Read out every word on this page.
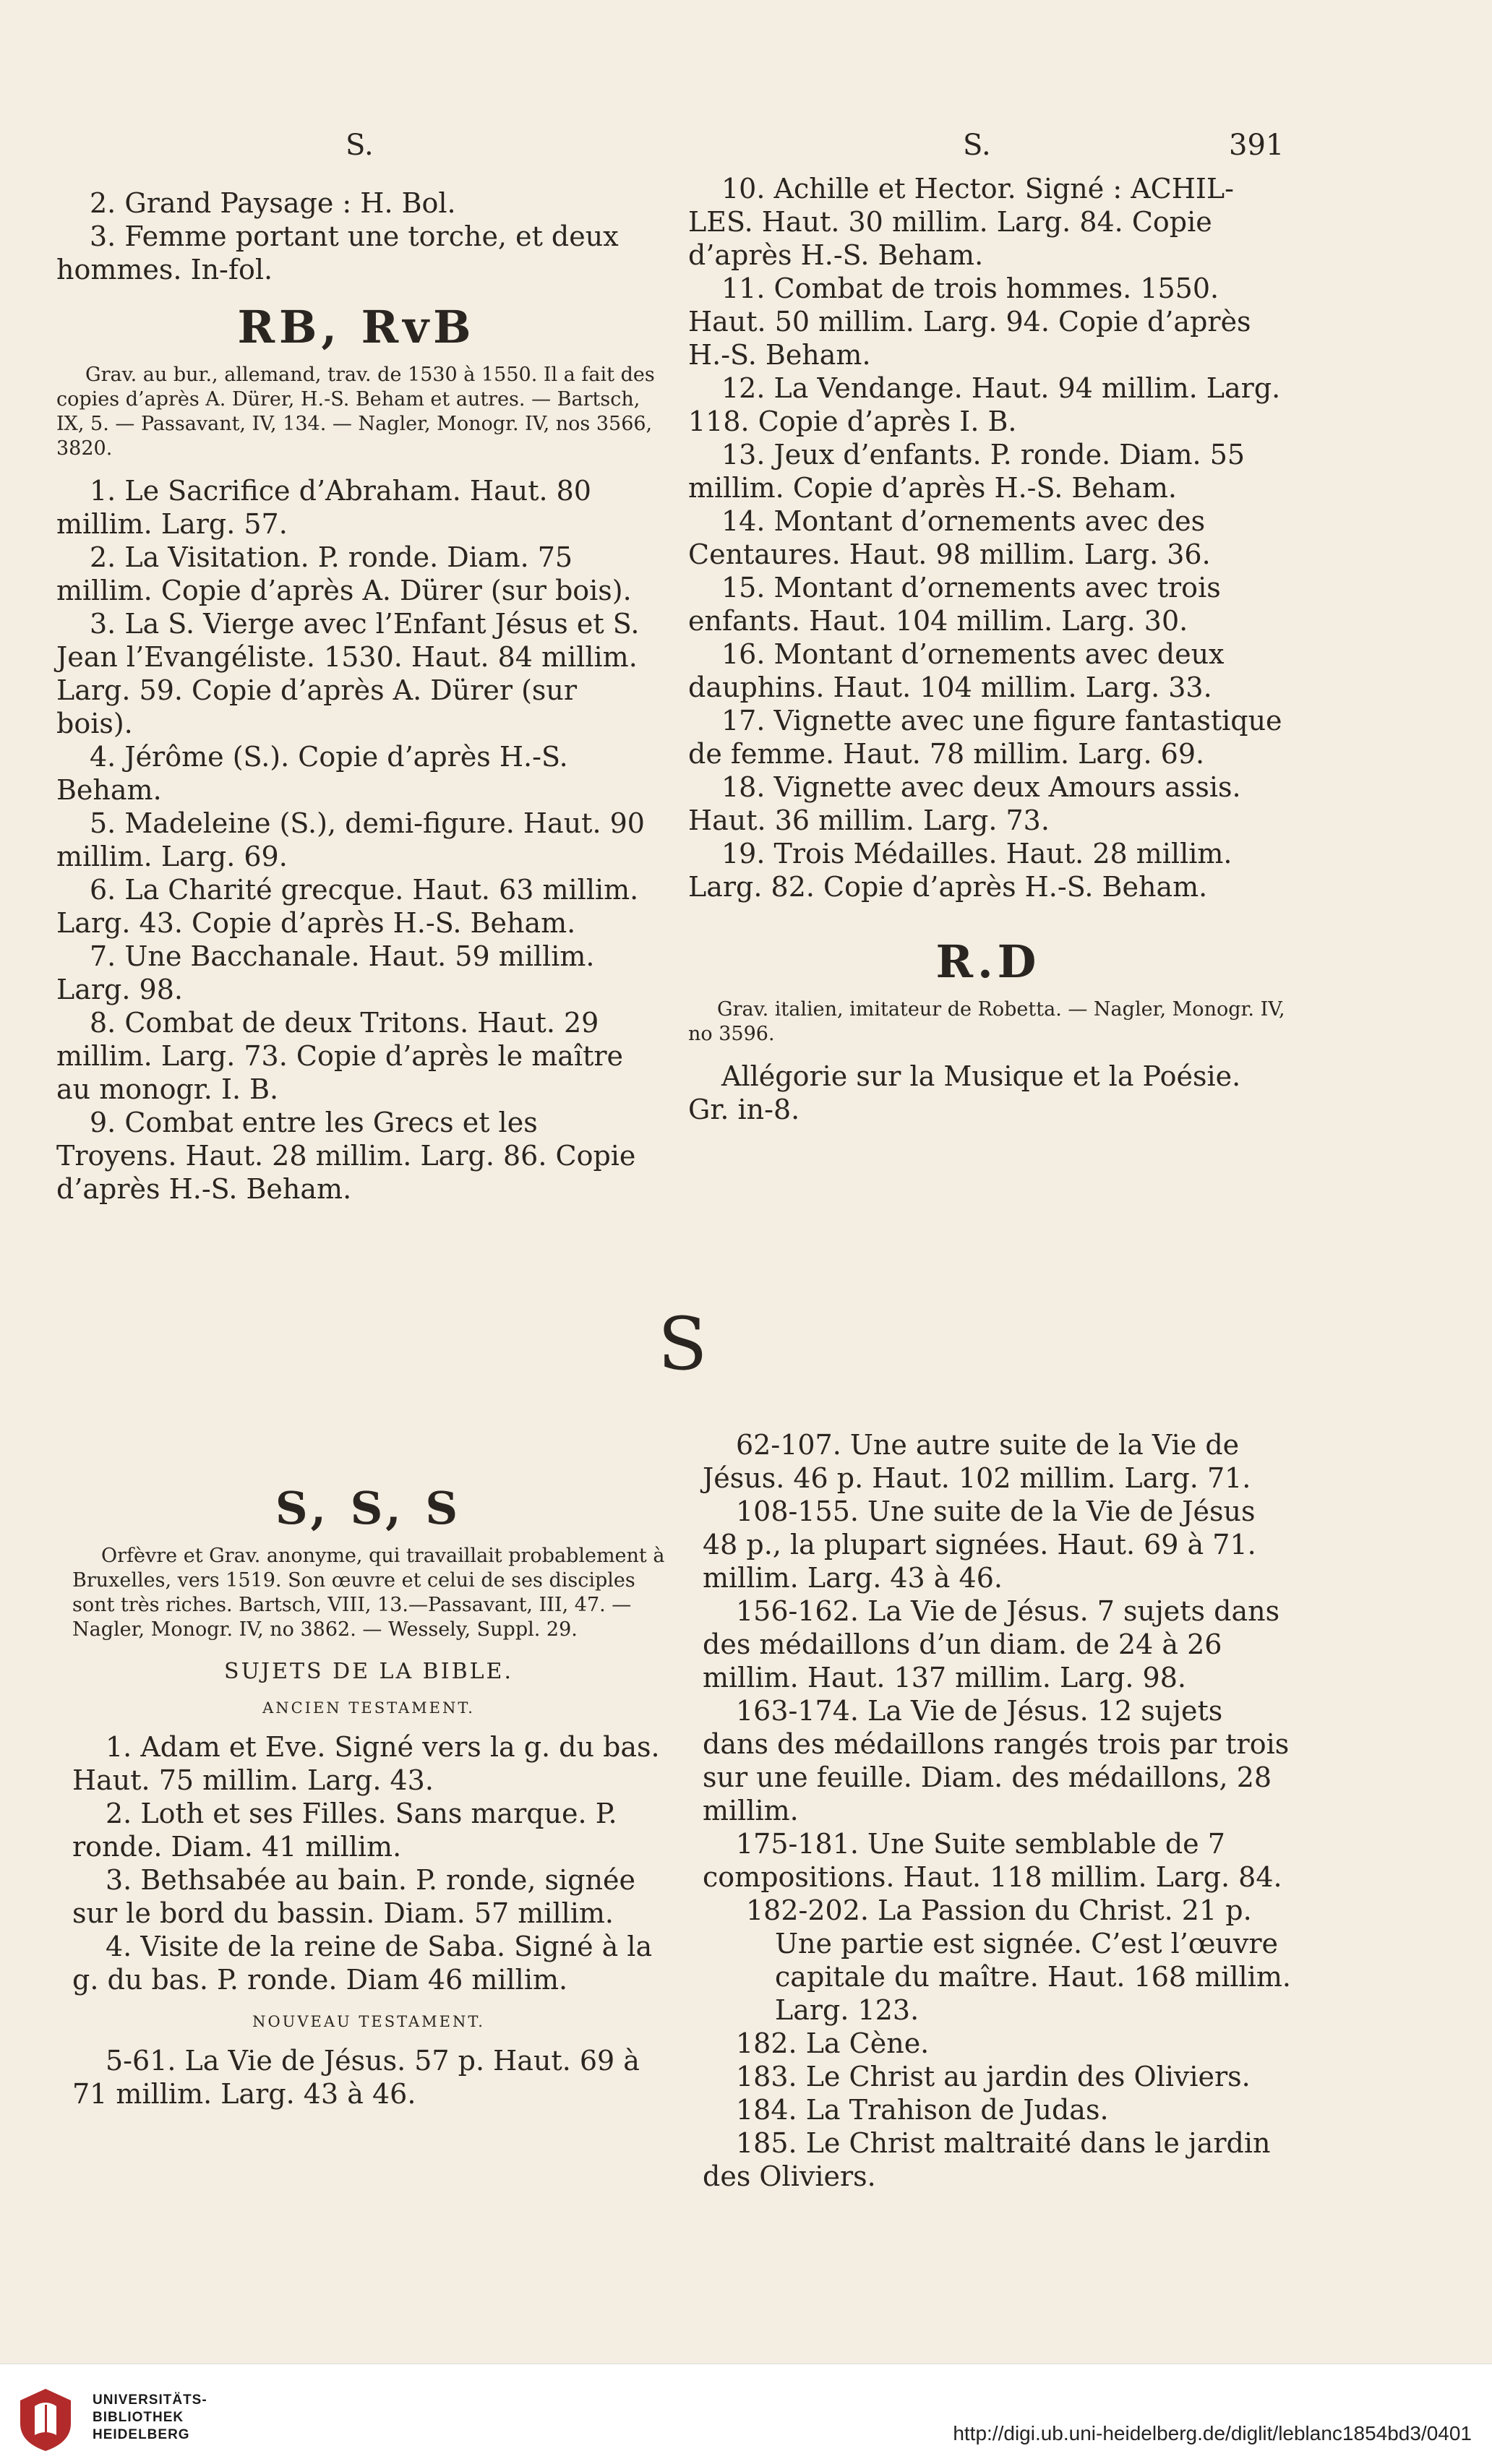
S.	S.	391

2. Grand Paysage : H. Bol.

3. Femme portant une torche, et deux hommes. In-fol.

RB, RvB

Grav. au bur., allemand, trav. de 1530 à 1550. Il a fait des copies d’après A. Dürer, H.-S. Beham et autres. — Bartsch, IX, 5. — Passavant, IV, 134. — Nagler, Monogr. IV, nos 3566, 3820.

1. Le Sacrifice d’Abraham. Haut. 80 millim. Larg. 57.

2. La Visitation. P. ronde. Diam. 75 millim. Copie d’après A. Dürer (sur bois).

3. La S. Vierge avec l’Enfant Jésus et S. Jean l’Evangéliste. 1530. Haut. 84 millim. Larg. 59. Copie d’après A. Dürer (sur bois).

4. Jérôme (S.). Copie d’après H.-S. Beham.

5. Madeleine (S.), demi-figure. Haut. 90 millim. Larg. 69.

6. La Charité grecque. Haut. 63 millim. Larg. 43. Copie d’après H.-S. Beham.

7. Une Bacchanale. Haut. 59 millim. Larg. 98.

8. Combat de deux Tritons. Haut. 29 millim. Larg. 73. Copie d’après le maître au monogr. I. B.

9. Combat entre les Grecs et les Troyens. Haut. 28 millim. Larg. 86. Copie d’après H.-S. Beham.

10. Achille et Hector. Signé : ACHIL-LES. Haut. 30 millim. Larg. 84. Copie d’après H.-S. Beham.

11. Combat de trois hommes. 1550. Haut. 50 millim. Larg. 94. Copie d’après H.-S. Beham.

12. La Vendange. Haut. 94 millim. Larg. 118. Copie d’après I. B.

13. Jeux d’enfants. P. ronde. Diam. 55 millim. Copie d’après H.-S. Beham.

14. Montant d’ornements avec des Centaures. Haut. 98 millim. Larg. 36.

15. Montant d’ornements avec trois enfants. Haut. 104 millim. Larg. 30.

16. Montant d’ornements avec deux dauphins. Haut. 104 millim. Larg. 33.

17. Vignette avec une figure fantastique de femme. Haut. 78 millim. Larg. 69.

18. Vignette avec deux Amours assis. Haut. 36 millim. Larg. 73.

19. Trois Médailles. Haut. 28 millim. Larg. 82. Copie d’après H.-S. Beham.

R.D

Grav. italien, imitateur de Robetta. — Nagler, Monogr. IV, no 3596.

Allégorie sur la Musique et la Poésie. Gr. in-8.

S
S, S, S

Orfèvre et Grav. anonyme, qui travaillait probablement à Bruxelles, vers 1519. Son œuvre et celui de ses disciples sont très riches. Bartsch, VIII, 13.—Passavant, III, 47. — Nagler, Monogr. IV, no 3862. — Wessely, Suppl. 29.

SUJETS DE LA BIBLE.
ANCIEN TESTAMENT.

1. Adam et Eve. Signé vers la g. du bas. Haut. 75 millim. Larg. 43.

2. Loth et ses Filles. Sans marque. P. ronde. Diam. 41 millim.

3. Bethsabée au bain. P. ronde, signée sur le bord du bassin. Diam. 57 millim.

4. Visite de la reine de Saba. Signé à la g. du bas. P. ronde. Diam 46 millim.

NOUVEAU TESTAMENT.

5-61. La Vie de Jésus. 57 p. Haut. 69 à 71 millim. Larg. 43 à 46.

62-107. Une autre suite de la Vie de Jésus. 46 p. Haut. 102 millim. Larg. 71.

108-155. Une suite de la Vie de Jésus 48 p., la plupart signées. Haut. 69 à 71. millim. Larg. 43 à 46.

156-162. La Vie de Jésus. 7 sujets dans des médaillons d’un diam. de 24 à 26 millim. Haut. 137 millim. Larg. 98.

163-174. La Vie de Jésus. 12 sujets dans des médaillons rangés trois par trois sur une feuille. Diam. des médaillons, 28 millim.

175-181. Une Suite semblable de 7 compositions. Haut. 118 millim. Larg. 84.

182-202. La Passion du Christ. 21 p. Une partie est signée. C’est l’œuvre capitale du maître. Haut. 168 millim. Larg. 123.

182. La Cène.

183. Le Christ au jardin des Oliviers.

184. La Trahison de Judas.

185. Le Christ maltraité dans le jardin des Oliviers.

UNIVERSITÄTS-
BIBLIOTHEK
HEIDELBERG	http://digi.ub.uni-heidelberg.de/diglit/leblanc1854bd3/0401
